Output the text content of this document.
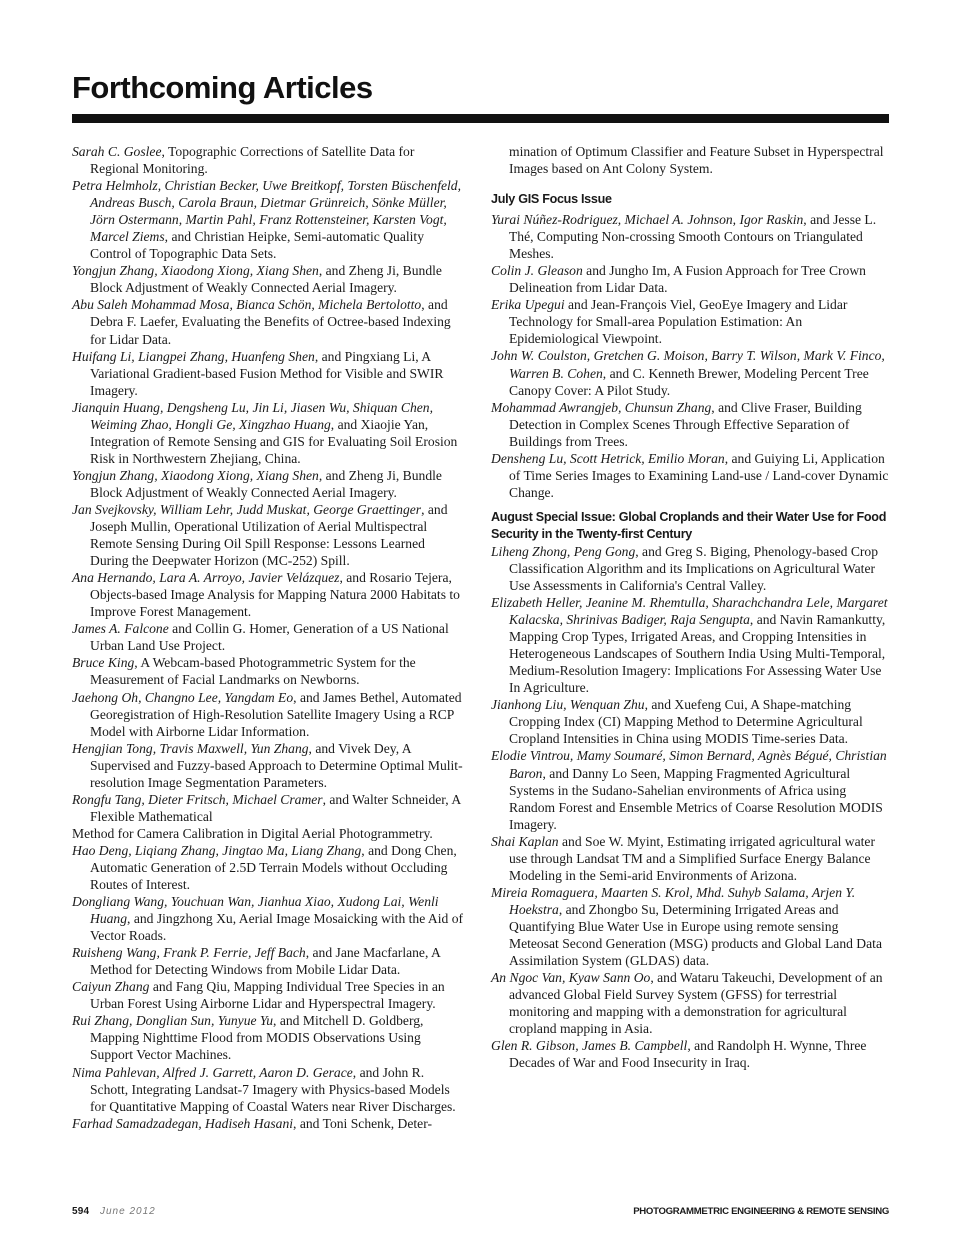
Forthcoming Articles

Sarah C. Goslee, Topographic Corrections of Satellite Data for Regional Monitoring.

Petra Helmholz, Christian Becker, Uwe Breitkopf, Torsten Büschenfeld, Andreas Busch, Carola Braun, Dietmar Grünreich, Sönke Müller, Jörn Ostermann, Martin Pahl, Franz Rottensteiner, Karsten Vogt, Marcel Ziems, and Christian Heipke, Semi-automatic Quality Control of Topographic Data Sets.

Yongjun Zhang, Xiaodong Xiong, Xiang Shen, and Zheng Ji, Bundle Block Adjustment of Weakly Connected Aerial Imagery.

Abu Saleh Mohammad Mosa, Bianca Schön, Michela Bertolotto, and Debra F. Laefer, Evaluating the Benefits of Octree-based Indexing for Lidar Data.

Huifang Li, Liangpei Zhang, Huanfeng Shen, and Pingxiang Li, A Variational Gradient-based Fusion Method for Visible and SWIR Imagery.

Jianquin Huang, Dengsheng Lu, Jin Li, Jiasen Wu, Shiquan Chen, Weiming Zhao, Hongli Ge, Xingzhao Huang, and Xiaojie Yan, Integration of Remote Sensing and GIS for Evaluating Soil Erosion Risk in Northwestern Zhejiang, China.

Yongjun Zhang, Xiaodong Xiong, Xiang Shen, and Zheng Ji, Bundle Block Adjustment of Weakly Connected Aerial Imagery.

Jan Svejkovsky, William Lehr, Judd Muskat, George Graettinger, and Joseph Mullin, Operational Utilization of Aerial Multispectral Remote Sensing During Oil Spill Response: Lessons Learned During the Deepwater Horizon (MC-252) Spill.

Ana Hernando, Lara A. Arroyo, Javier Velázquez, and Rosario Tejera, Objects-based Image Analysis for Mapping Natura 2000 Habitats to Improve Forest Management.

James A. Falcone and Collin G. Homer, Generation of a US National Urban Land Use Project.

Bruce King, A Webcam-based Photogrammetric System for the Measurement of Facial Landmarks on Newborns.

Jaehong Oh, Changno Lee, Yangdam Eo, and James Bethel, Automated Georegistration of High-Resolution Satellite Imagery Using a RCP Model with Airborne Lidar Information.

Hengjian Tong, Travis Maxwell, Yun Zhang, and Vivek Dey, A Supervised and Fuzzy-based Approach to Determine Optimal Mulit-resolution Image Segmentation Parameters.

Rongfu Tang, Dieter Fritsch, Michael Cramer, and Walter Schneider, A Flexible Mathematical

Method for Camera Calibration in Digital Aerial Photogrammetry.

Hao Deng, Liqiang Zhang, Jingtao Ma, Liang Zhang, and Dong Chen, Automatic Generation of 2.5D Terrain Models without Occluding Routes of Interest.

Dongliang Wang, Youchuan Wan, Jianhua Xiao, Xudong Lai, Wenli Huang, and Jingzhong Xu, Aerial Image Mosaicking with the Aid of Vector Roads.

Ruisheng Wang, Frank P. Ferrie, Jeff Bach, and Jane Macfarlane, A Method for Detecting Windows from Mobile Lidar Data.

Caiyun Zhang and Fang Qiu, Mapping Individual Tree Species in an Urban Forest Using Airborne Lidar and Hyperspectral Imagery.

Rui Zhang, Donglian Sun, Yunyue Yu, and Mitchell D. Goldberg, Mapping Nighttime Flood from MODIS Observations Using Support Vector Machines.

Nima Pahlevan, Alfred J. Garrett, Aaron D. Gerace, and John R. Schott, Integrating Landsat-7 Imagery with Physics-based Models for Quantitative Mapping of Coastal Waters near River Discharges.

Farhad Samadzadegan, Hadiseh Hasani, and Toni Schenk, Deter-

mination of Optimum Classifier and Feature Subset in Hyperspectral Images based on Ant Colony System.

July GIS Focus Issue

Yurai Núñez-Rodriguez, Michael A. Johnson, Igor Raskin, and Jesse L. Thé, Computing Non-crossing Smooth Contours on Triangulated Meshes.

Colin J. Gleason and Jungho Im, A Fusion Approach for Tree Crown Delineation from Lidar Data.

Erika Upegui and Jean-François Viel, GeoEye Imagery and Lidar Technology for Small-area Population Estimation: An Epidemiological Viewpoint.

John W. Coulston, Gretchen G. Moison, Barry T. Wilson, Mark V. Finco, Warren B. Cohen, and C. Kenneth Brewer, Modeling Percent Tree Canopy Cover: A Pilot Study.

Mohammad Awrangjeb, Chunsun Zhang, and Clive Fraser, Building Detection in Complex Scenes Through Effective Separation of Buildings from Trees.

Densheng Lu, Scott Hetrick, Emilio Moran, and Guiying Li, Application of Time Series Images to Examining Land-use / Land-cover Dynamic Change.

August Special Issue: Global Croplands and their Water Use for Food Security in the Twenty-first Century

Liheng Zhong, Peng Gong, and Greg S. Biging, Phenology-based Crop Classification Algorithm and its Implications on Agricultural Water Use Assessments in California's Central Valley.

Elizabeth Heller, Jeanine M. Rhemtulla, Sharachchandra Lele, Margaret Kalacska, Shrinivas Badiger, Raja Sengupta, and Navin Ramankutty, Mapping Crop Types, Irrigated Areas, and Cropping Intensities in Heterogeneous Landscapes of Southern India Using Multi-Temporal, Medium-Resolution Imagery: Implications For Assessing Water Use In Agriculture.

Jianhong Liu, Wenquan Zhu, and Xuefeng Cui, A Shape-matching Cropping Index (CI) Mapping Method to Determine Agricultural Cropland Intensities in China using MODIS Time-series Data.

Elodie Vintrou, Mamy Soumaré, Simon Bernard, Agnès Bégué, Christian Baron, and Danny Lo Seen, Mapping Fragmented Agricultural Systems in the Sudano-Sahelian environments of Africa using Random Forest and Ensemble Metrics of Coarse Resolution MODIS Imagery.

Shai Kaplan and Soe W. Myint, Estimating irrigated agricultural water use through Landsat TM and a Simplified Surface Energy Balance Modeling in the Semi-arid Environments of Arizona.

Mireia Romaguera, Maarten S. Krol, Mhd. Suhyb Salama, Arjen Y. Hoekstra, and Zhongbo Su, Determining Irrigated Areas and Quantifying Blue Water Use in Europe using remote sensing Meteosat Second Generation (MSG) products and Global Land Data Assimilation System (GLDAS) data.

An Ngoc Van, Kyaw Sann Oo, and Wataru Takeuchi, Development of an advanced Global Field Survey System (GFSS) for terrestrial monitoring and mapping with a demonstration for agricultural cropland mapping in Asia.

Glen R. Gibson, James B. Campbell, and Randolph H. Wynne, Three Decades of War and Food Insecurity in Iraq.

594 June 2012	PHOTOGRAMMETRIC ENGINEERING & REMOTE SENSING
